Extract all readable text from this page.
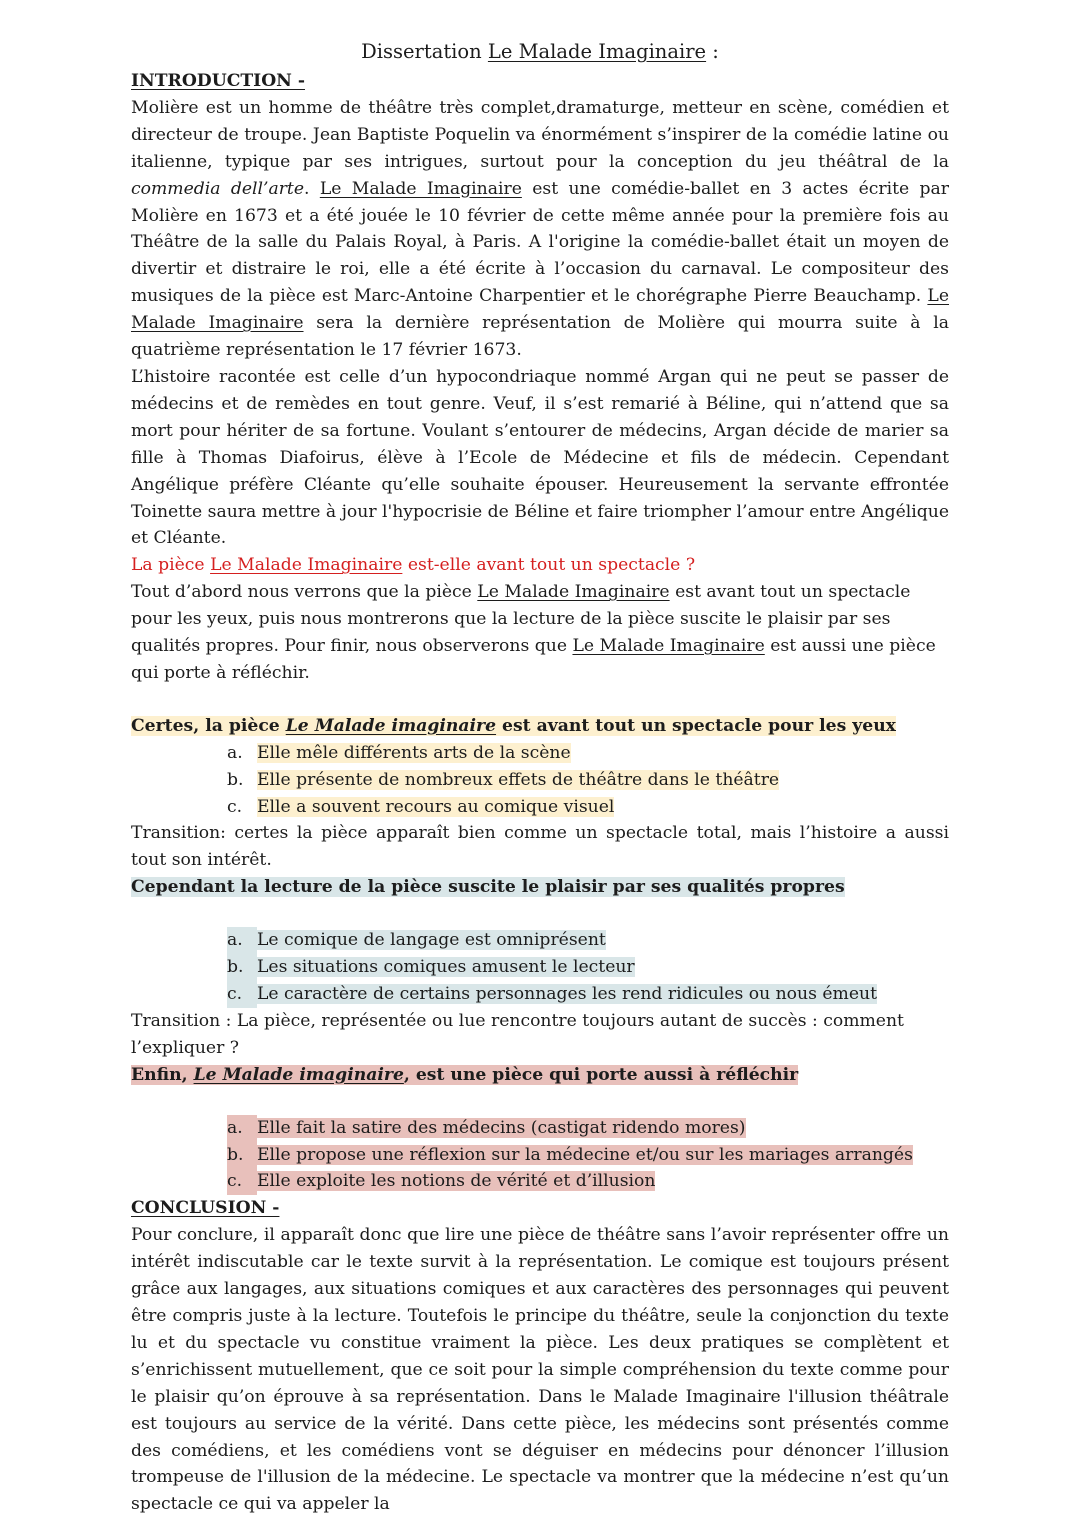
Dissertation Le Malade Imaginaire :
INTRODUCTION -

Molière est un homme de théâtre très complet,dramaturge, metteur en scène, comédien et directeur de troupe. Jean Baptiste Poquelin va énormément s’inspirer de la comédie latine ou italienne, typique par ses intrigues, surtout pour la conception du jeu théâtral de la commedia dell’arte. Le Malade Imaginaire est une comédie-ballet en 3 actes écrite par Molière en 1673 et a été jouée le 10 février de cette même année pour la première fois au Théâtre de la salle du Palais Royal, à Paris. A l'origine la comédie-ballet était un moyen de divertir et distraire le roi, elle a été écrite à l’occasion du carnaval. Le compositeur des musiques de la pièce est Marc-Antoine Charpentier et le chorégraphe Pierre Beauchamp. Le Malade Imaginaire sera la dernière représentation de Molière qui mourra suite à la quatrième représentation le 17 février 1673.

L’histoire racontée est celle d’un hypocondriaque nommé Argan qui ne peut se passer de médecins et de remèdes en tout genre. Veuf, il s’est remarié à Béline, qui n’attend que sa mort pour hériter de sa fortune. Voulant s’entourer de médecins, Argan décide de marier sa fille à Thomas Diafoirus, élève à l’Ecole de Médecine et fils de médecin. Cependant Angélique préfère Cléante qu’elle souhaite épouser. Heureusement la servante effrontée Toinette saura mettre à jour l'hypocrisie de Béline et faire triompher l’amour entre Angélique et Cléante.

La pièce Le Malade Imaginaire est-elle avant tout un spectacle ?

Tout d’abord nous verrons que la pièce Le Malade Imaginaire est avant tout un spectacle pour les yeux, puis nous montrerons que la lecture de la pièce suscite le plaisir par ses qualités propres. Pour finir, nous observerons que Le Malade Imaginaire est aussi une pièce qui porte à réfléchir.

Certes, la pièce Le Malade imaginaire est avant tout un spectacle pour les yeux
a. Elle mêle différents arts de la scène
b. Elle présente de nombreux effets de théâtre dans le théâtre
c. Elle a souvent recours au comique visuel

Transition: certes la pièce apparaît bien comme un spectacle total, mais l’histoire a aussi tout son intérêt.

Cependant la lecture de la pièce suscite le plaisir par ses qualités propres
a. Le comique de langage est omniprésent
b. Les situations comiques amusent le lecteur
c. Le caractère de certains personnages les rend ridicules ou nous émeut

Transition : La pièce, représentée ou lue rencontre toujours autant de succès : comment l’expliquer ?

Enfin, Le Malade imaginaire, est une pièce qui porte aussi à réfléchir
a. Elle fait la satire des médecins (castigat ridendo mores)
b. Elle propose une réflexion sur la médecine et/ou sur les mariages arrangés
c. Elle exploite les notions de vérité et d’illusion
CONCLUSION -

Pour conclure, il apparaît donc que lire une pièce de théâtre sans l’avoir représenter offre un intérêt indiscutable car le texte survit à la représentation. Le comique est toujours présent grâce aux langages, aux situations comiques et aux caractères des personnages qui peuvent être compris juste à la lecture. Toutefois le principe du théâtre, seule la conjonction du texte lu et du spectacle vu constitue vraiment la pièce. Les deux pratiques se complètent et s’enrichissent mutuellement, que ce soit pour la simple compréhension du texte comme pour le plaisir qu’on éprouve à sa représentation. Dans le Malade Imaginaire l'illusion théâtrale est toujours au service de la vérité. Dans cette pièce, les médecins sont présentés comme des comédiens, et les comédiens vont se déguiser en médecins pour dénoncer l’illusion trompeuse de l'illusion de la médecine. Le spectacle va montrer que la médecine n’est qu’un spectacle ce qui va appeler la
